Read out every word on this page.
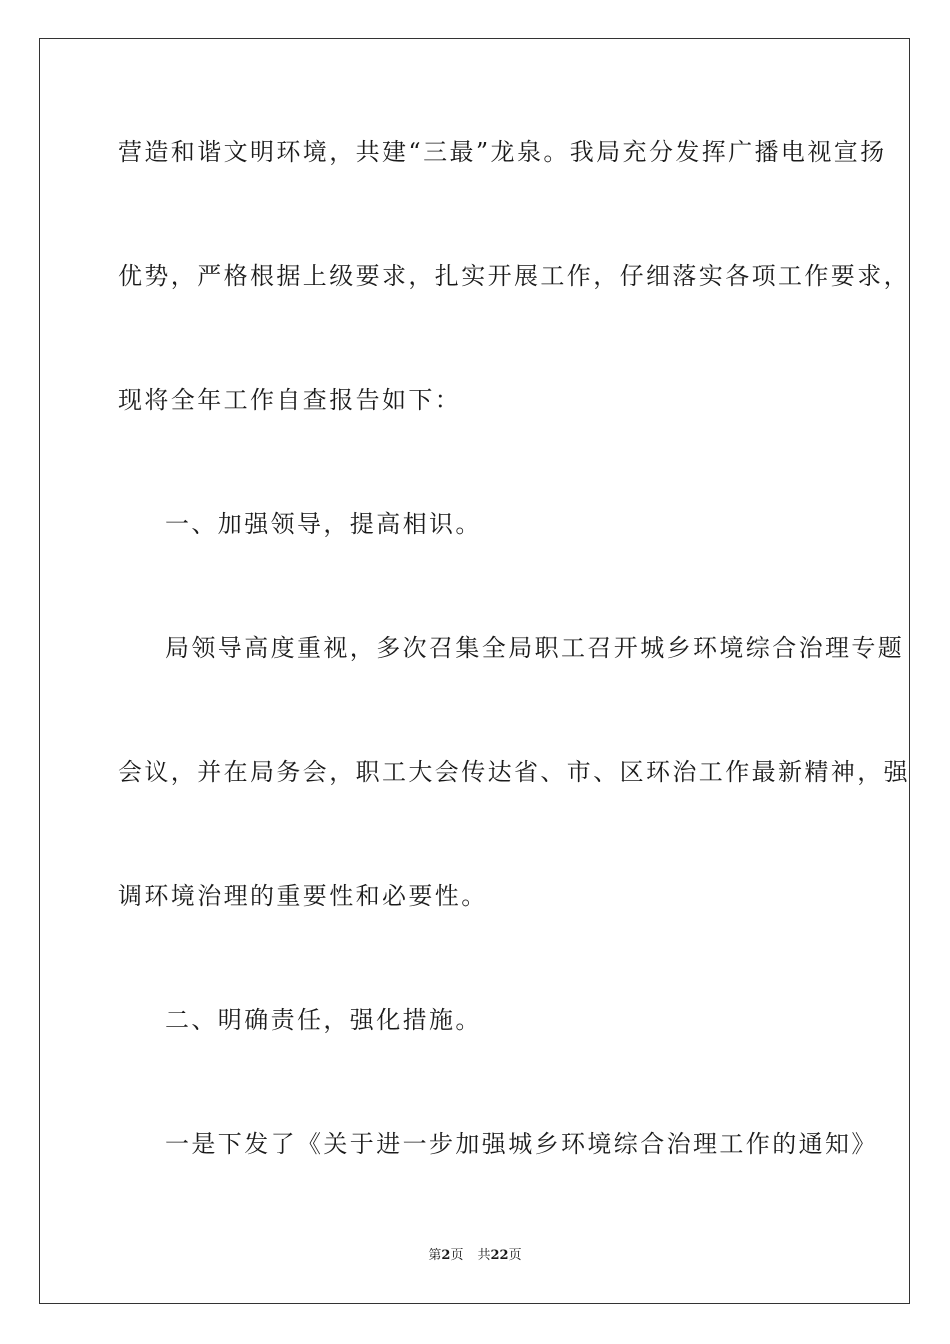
营造和谐文明环境，共建“三最”龙泉。我局充分发挥广播电视宣扬
优势，严格根据上级要求，扎实开展工作，仔细落实各项工作要求，
现将全年工作自查报告如下：
一、加强领导，提高相识。
局领导高度重视，多次召集全局职工召开城乡环境综合治理专题
会议，并在局务会，职工大会传达省、市、区环治工作最新精神，强
调环境治理的重要性和必要性。
二、明确责任，强化措施。
一是下发了《关于进一步加强城乡环境综合治理工作的通知》
第2页 共22页
